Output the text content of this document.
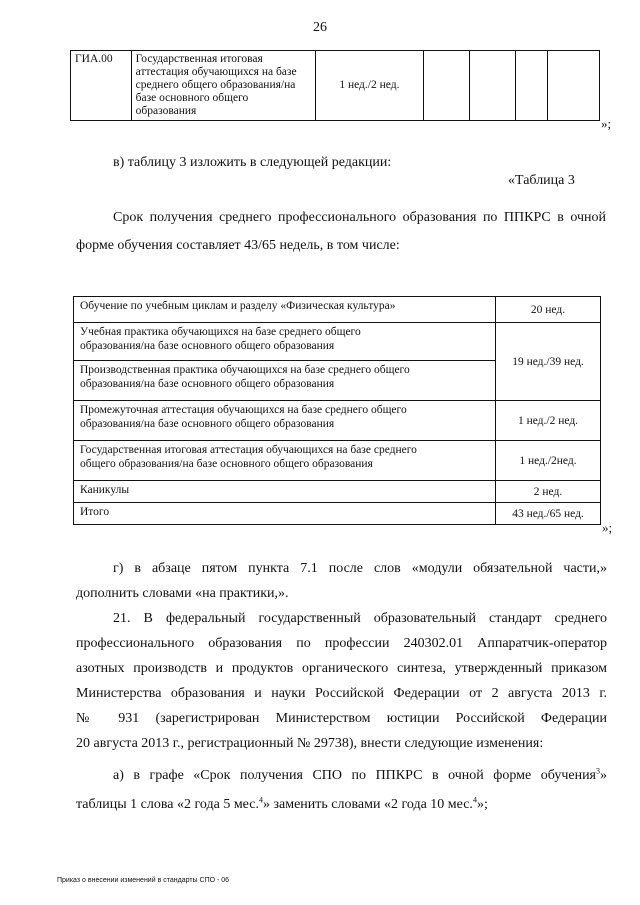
26
ГИА.00	Государственная итоговая аттестация обучающихся на базе среднего общего образования/на базе основного общего образования	1 нед./2 нед.				
»;
в) таблицу 3 изложить в следующей редакции:
«Таблица 3
Срок получения среднего профессионального образования по ППКРС в очной
форме обучения составляет 43/65 недель, в том числе:
Обучение по учебным циклам и разделу «Физическая культура»	20 нед.

Учебная практика обучающихся на базе среднего общего
образования/на базе основного общего образования	19 нед./39 нед.

Производственная практика обучающихся на базе среднего общего
образования/на базе основного общего образования	

Промежуточная аттестация обучающихся на базе среднего общего
образования/на базе основного общего образования	1 нед./2 нед.

Государственная итоговая аттестация обучающихся на базе среднего
общего образования/на базе основного общего образования	1 нед./2нед.
Каникулы	2 нед.
Итого	43 нед./65 нед.
»;
г) в абзаце пятом пункта 7.1 после слов «модули обязательной части,»
дополнить словами «на практики,».
21. В федеральный государственный образовательный стандарт среднего
профессионального образования по профессии 240302.01 Аппаратчик-оператор
азотных производств и продуктов органического синтеза, утвержденный приказом
Министерства образования и науки Российской Федерации от 2 августа 2013 г.
№ 931 (зарегистрирован Министерством юстиции Российской Федерации
20 августа 2013 г., регистрационный № 29738), внести следующие изменения:
а) в графе «Срок получения СПО по ППКРС в очной форме обучения$^3$»
таблицы 1 слова «2 года 5 мес.$^4$» заменить словами «2 года 10 мес.$^4$»;
Приказ о внесении изменений в стандарты СПО - 06
